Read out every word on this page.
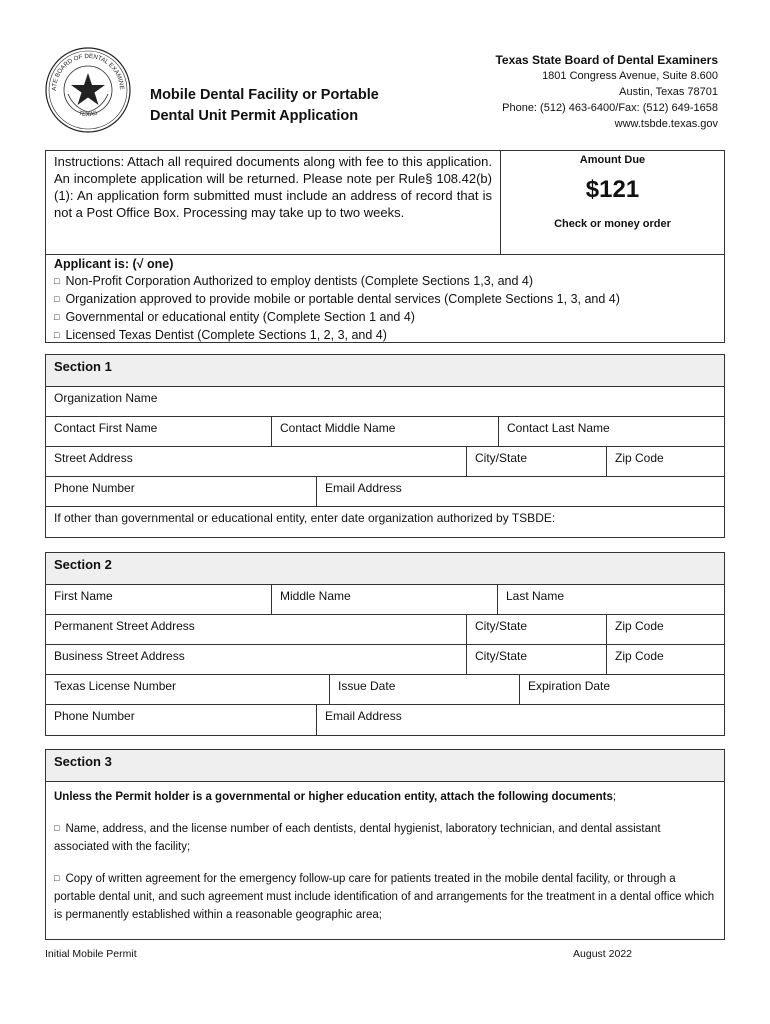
ATE BOARD OF DENTAL EXAMINE
TEXAS
Mobile Dental Facility or Portable
Dental Unit Permit Application
Texas State Board of Dental Examiners
1801 Congress Avenue, Suite 8.600
Austin, Texas 78701
Phone: (512) 463-6400/Fax: (512) 649-1658
www.tsbde.texas.gov
Instructions: Attach all required documents along with fee to this application. An incomplete application will be returned. Please note per Rule§ 108.42(b)(1): An application form submitted must include an address of record that is not a Post Office Box. Processing may take up to two weeks.
Amount Due
$121
Check or money order
Applicant is: (√ one)
□ Non-Profit Corporation Authorized to employ dentists (Complete Sections 1,3, and 4)
□ Organization approved to provide mobile or portable dental services (Complete Sections 1, 3, and 4)
□ Governmental or educational entity (Complete Section 1 and 4)
□ Licensed Texas Dentist (Complete Sections 1, 2, 3, and 4)
Section 1
Organization Name
Contact First Name	Contact Middle Name	Contact Last Name
Street Address	City/State	Zip Code
Phone Number	Email Address
If other than governmental or educational entity, enter date organization authorized by TSBDE:
Section 2
First Name	Middle Name	Last Name
Permanent Street Address	City/State	Zip Code
Business Street Address	City/State	Zip Code
Texas License Number	Issue Date	Expiration Date
Phone Number	Email Address
Section 3

Unless the Permit holder is a governmental or higher education entity, attach the following documents;

□ Name, address, and the license number of each dentists, dental hygienist, laboratory technician, and dental assistant associated with the facility;

□ Copy of written agreement for the emergency follow-up care for patients treated in the mobile dental facility, or through a portable dental unit, and such agreement must include identification of and arrangements for the treatment in a dental office which is permanently established within a reasonable geographic area;

Initial Mobile Permit	August 2022
